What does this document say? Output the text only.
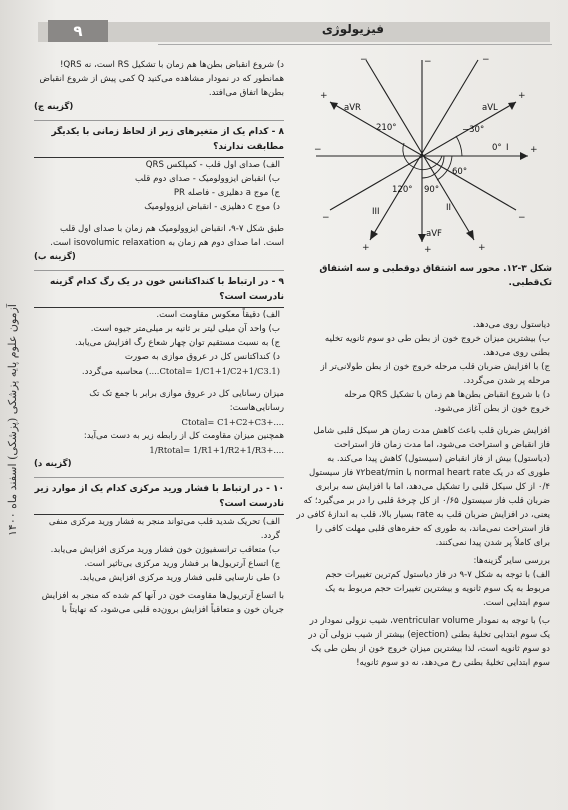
۹	فیزیولوژی
آزمون علوم پایه پزشکی (پزشکی) اسفند ماه ۱۴۰۰

د) شروع انقباض بطن‌ها هم زمان با تشکیل RS است، نه QRS!

همانطور که در نمودار مشاهده می‌کنید Q کمی پیش از شروع انقباض

بطن‌ها اتفاق می‌افتد.

(گزینه ج)

۸ - کدام یک از متغیرهای زیر از لحاظ زمانی با یکدیگر مطابقت ندارند؟

الف) صدای اول قلب - کمپلکس QRS

ب) انقباض ایزوولومیک - صدای دوم قلب

ج) موج a دهلیزی - فاصله PR

د) موج c دهلیزی - انقباض ایزوولومیک

طبق شکل ۷-۹، انقباض ایزوولومیک هم زمان با صدای اول قلب

است. اما صدای دوم هم زمان به isovolumic relaxation است.

(گزینه ب)

۹ - در ارتباط با کنداکتانس خون در یک رگ کدام گزینه نادرست است؟

الف) دقیقاً معکوس مقاومت است.

ب) واحد آن میلی لیتر بر ثانیه بر میلی‌متر جیوه است.

ج) به نسبت مستقیم توان چهار شعاع رگ افزایش می‌یابد.

د) کنداکتانس کل در عروق موازی به صورت

(1.Ctotal= 1/C1+1/C2+1/C3....) محاسبه می‌گردد.

میزان رسانایی کل در عروق موازی برابر با جمع تک تک

رسانایی‌هاست:

Ctotal= C1+C2+C3+....

همچنین میزان مقاومت کل از رابطه زیر به دست می‌آید:

1/Rtotal= 1/R1+1/R2+1/R3+....

(گزینه د)

۱۰ - در ارتباط با فشار ورید مرکزی کدام یک از موارد زیر نادرست است؟

الف) تحریک شدید قلب می‌تواند منجر به فشار ورید مرکزی منفی گردد.

ب) متعاقب ترانسفیوژن خون فشار ورید مرکزی افزایش می‌یابد.

ج) اتساع آرتریول‌ها بر فشار ورید مرکزی بی‌تاثیر است.

د) طی نارسایی قلبی فشار ورید مرکزی افزایش می‌یابد.

با اتساع آرتریول‌ها مقاومت خون در آنها کم شده که منجر به افزایش

جریان خون و متعاقباً افزایش برون‌ده قلبی می‌شود، که نهایتاً با

−	+
−
+
−
+
−
+
+	+
−	−
aVR	aVL
I
II
III
aVF
210°	−30°
0°
60°
90°
120°
شکل ۳-۱۲. محور سه اشتقاق دوقطبی و سه اشتقاق تک‌قطبی.

دیاستول روی می‌دهد.

ب) بیشترین میزان خروج خون از بطن طی دو سوم ثانویه تخلیه

بطنی روی می‌دهد.

ج) با افزایش ضربان قلب مرحله خروج خون از بطن طولانی‌تر از

مرحله پر شدن می‌گردد.

د) با شروع انقباض بطن‌ها هم زمان با تشکیل QRS مرحله

خروج خون از بطن آغاز می‌شود.

افزایش ضربان قلب باعث کاهش مدت زمان هر سیکل قلبی شامل

فاز انقباض و استراحت می‌شود، اما مدت زمان فاز استراحت

(دیاستول) بیش از فاز انقباض (سیستول) کاهش پیدا می‌کند. به

طوری که در یک normal heart rate با ۷۲beat/min فاز سیستول

۰/۴ از کل سیکل قلبی را تشکیل می‌دهد، اما با افزایش سه برابری

ضربان قلب فاز سیستول ۰/۶۵ از کل چرخهٔ قلبی را در بر می‌گیرد؛ که

یعنی، در افزایش ضربان قلب به rate بسیار بالا، قلب به اندازهٔ کافی در

فاز استراحت نمی‌ماند، به طوری که حفره‌های قلبی مهلت کافی را

برای کاملاً پر شدن پیدا نمی‌کنند.

بررسی سایر گزینه‌ها:

الف) با توجه به شکل ۷-۹ در فاز دیاستول کم‌ترین تغییرات حجم

مربوط به یک سوم ثانویه و بیشترین تغییرات حجم مربوط به یک

سوم ابتدایی است.

ب) با توجه به نمودار ventricular volume، شیب نزولی نمودار در

یک سوم ابتدایی تخلیهٔ بطنی (ejection) بیشتر از شیب نزولی آن در

دو سوم ثانویه است، لذا بیشترین میزان خروج خون از بطن طی یک

سوم ابتدایی تخلیهٔ بطنی رخ می‌دهد، نه دو سوم ثانویه!
